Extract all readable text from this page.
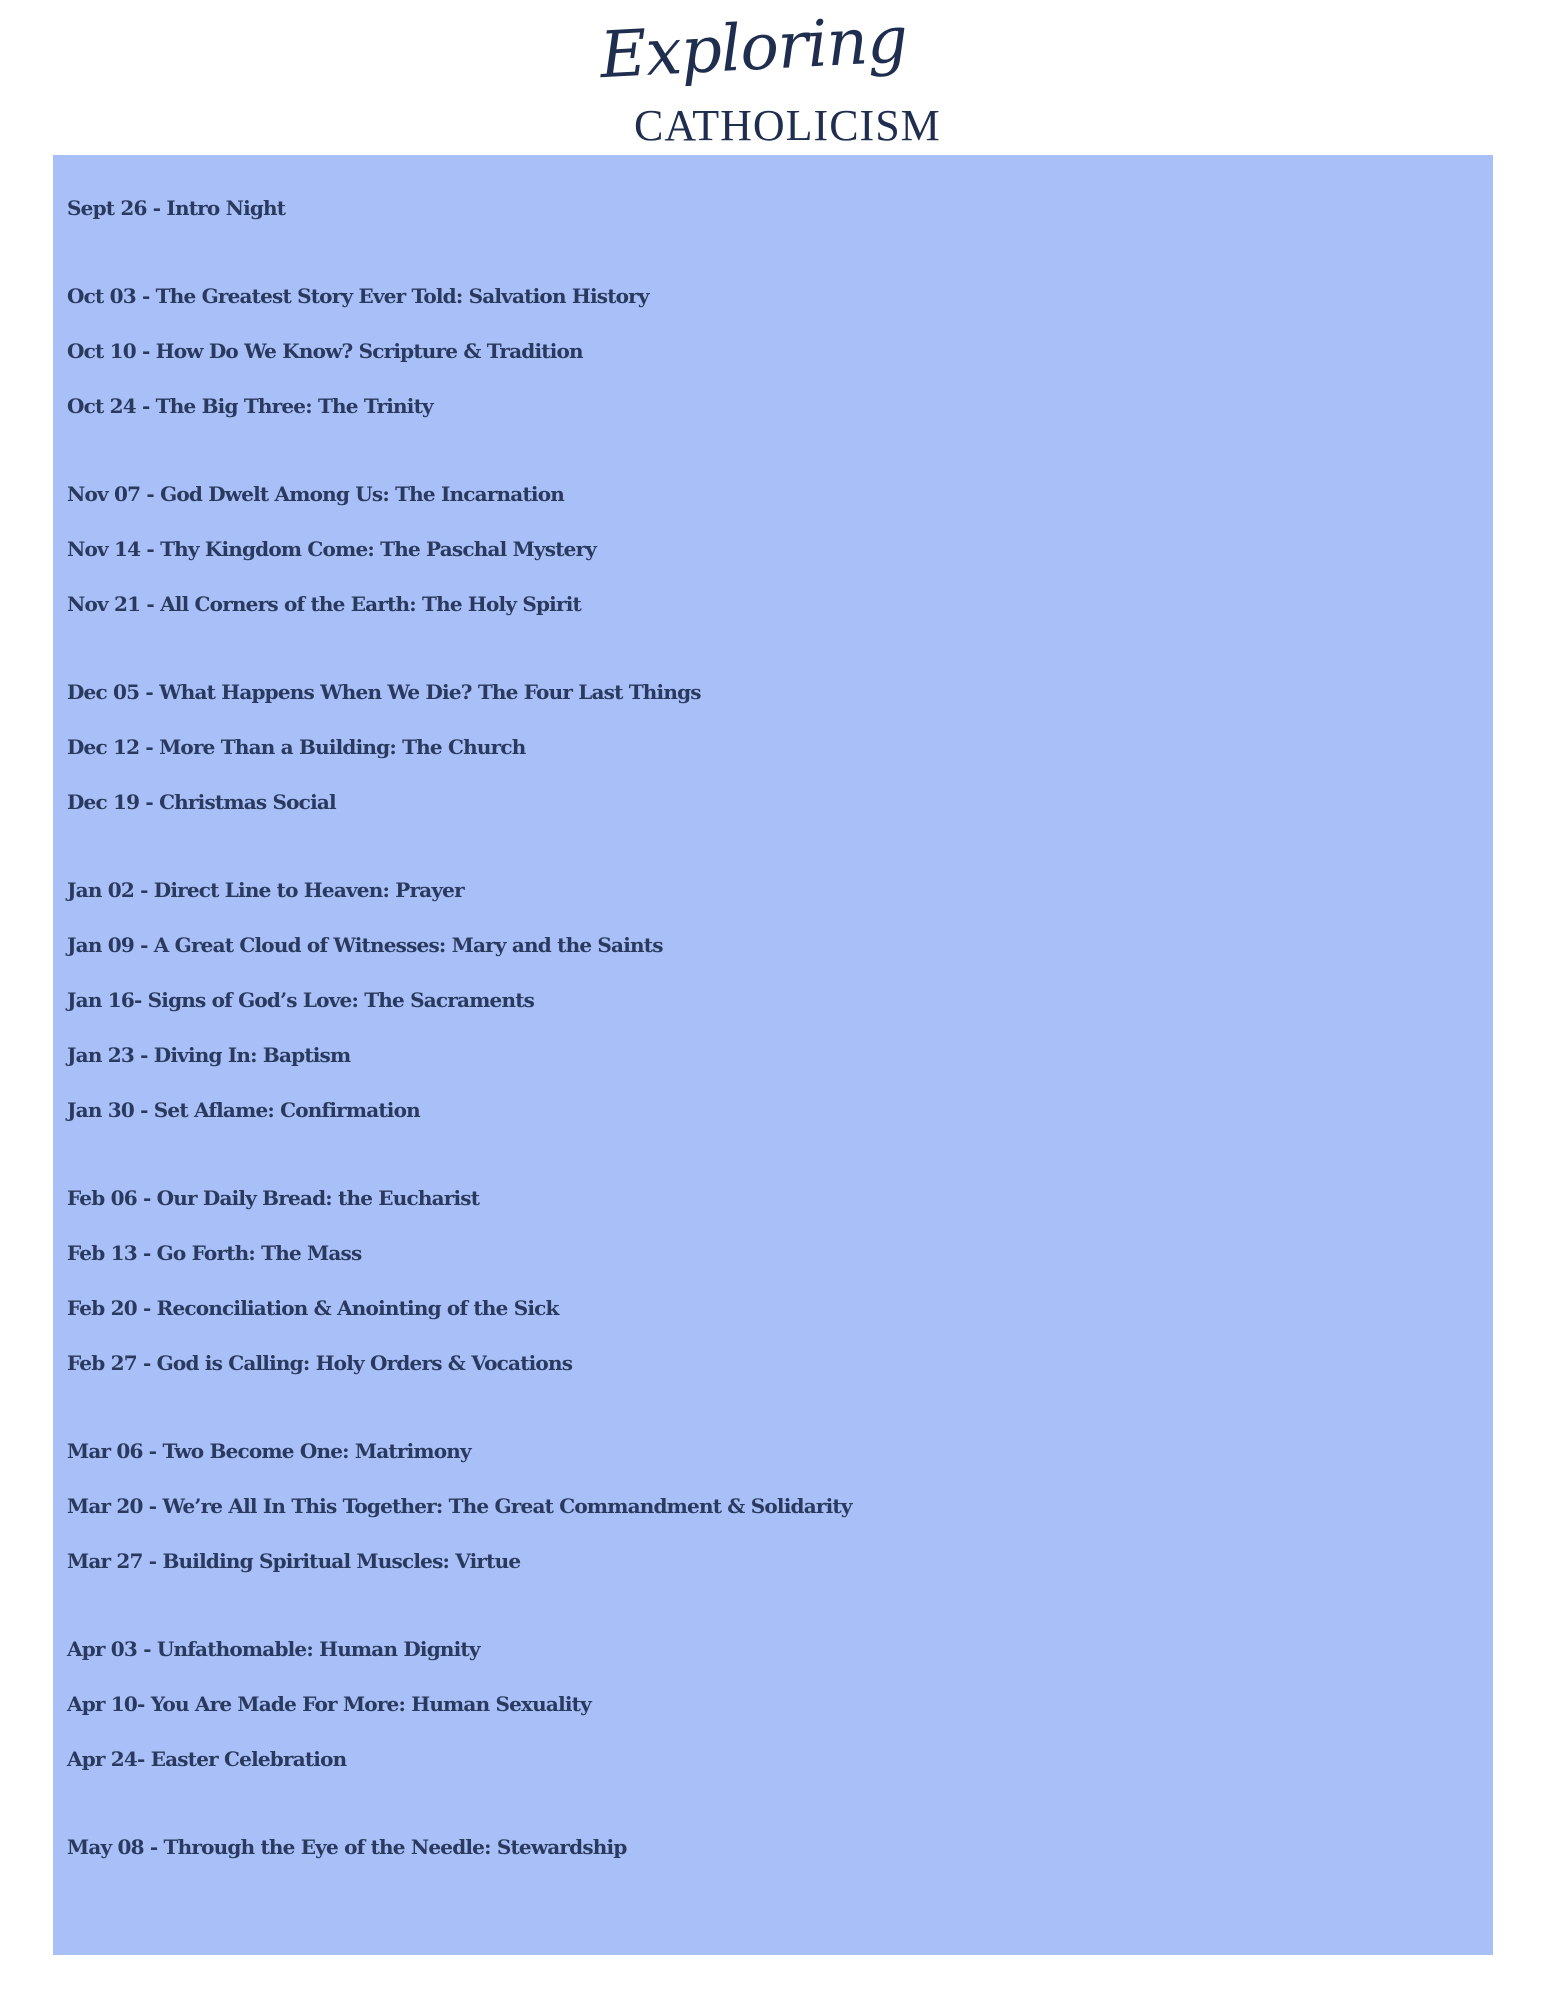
Exploring
CATHOLICISM
Sept 26 - Intro Night
Oct 03 - The Greatest Story Ever Told: Salvation History
Oct 10 - How Do We Know? Scripture & Tradition
Oct 24 - The Big Three: The Trinity
Nov 07 - God Dwelt Among Us: The Incarnation
Nov 14 - Thy Kingdom Come: The Paschal Mystery
Nov 21 - All Corners of the Earth: The Holy Spirit
Dec 05 - What Happens When We Die? The Four Last Things
Dec 12 - More Than a Building: The Church
Dec 19 - Christmas Social
Jan 02 - Direct Line to Heaven: Prayer
Jan 09 - A Great Cloud of Witnesses: Mary and the Saints
Jan 16- Signs of God’s Love: The Sacraments
Jan 23 - Diving In: Baptism
Jan 30 - Set Aflame: Confirmation
Feb 06 - Our Daily Bread: the Eucharist
Feb 13 - Go Forth: The Mass
Feb 20 - Reconciliation & Anointing of the Sick
Feb 27 - God is Calling: Holy Orders & Vocations
Mar 06 - Two Become One: Matrimony
Mar 20 - We’re All In This Together: The Great Commandment & Solidarity
Mar 27 - Building Spiritual Muscles: Virtue
Apr 03 - Unfathomable: Human Dignity
Apr 10- You Are Made For More: Human Sexuality
Apr 24- Easter Celebration
May 08 - Through the Eye of the Needle: Stewardship
